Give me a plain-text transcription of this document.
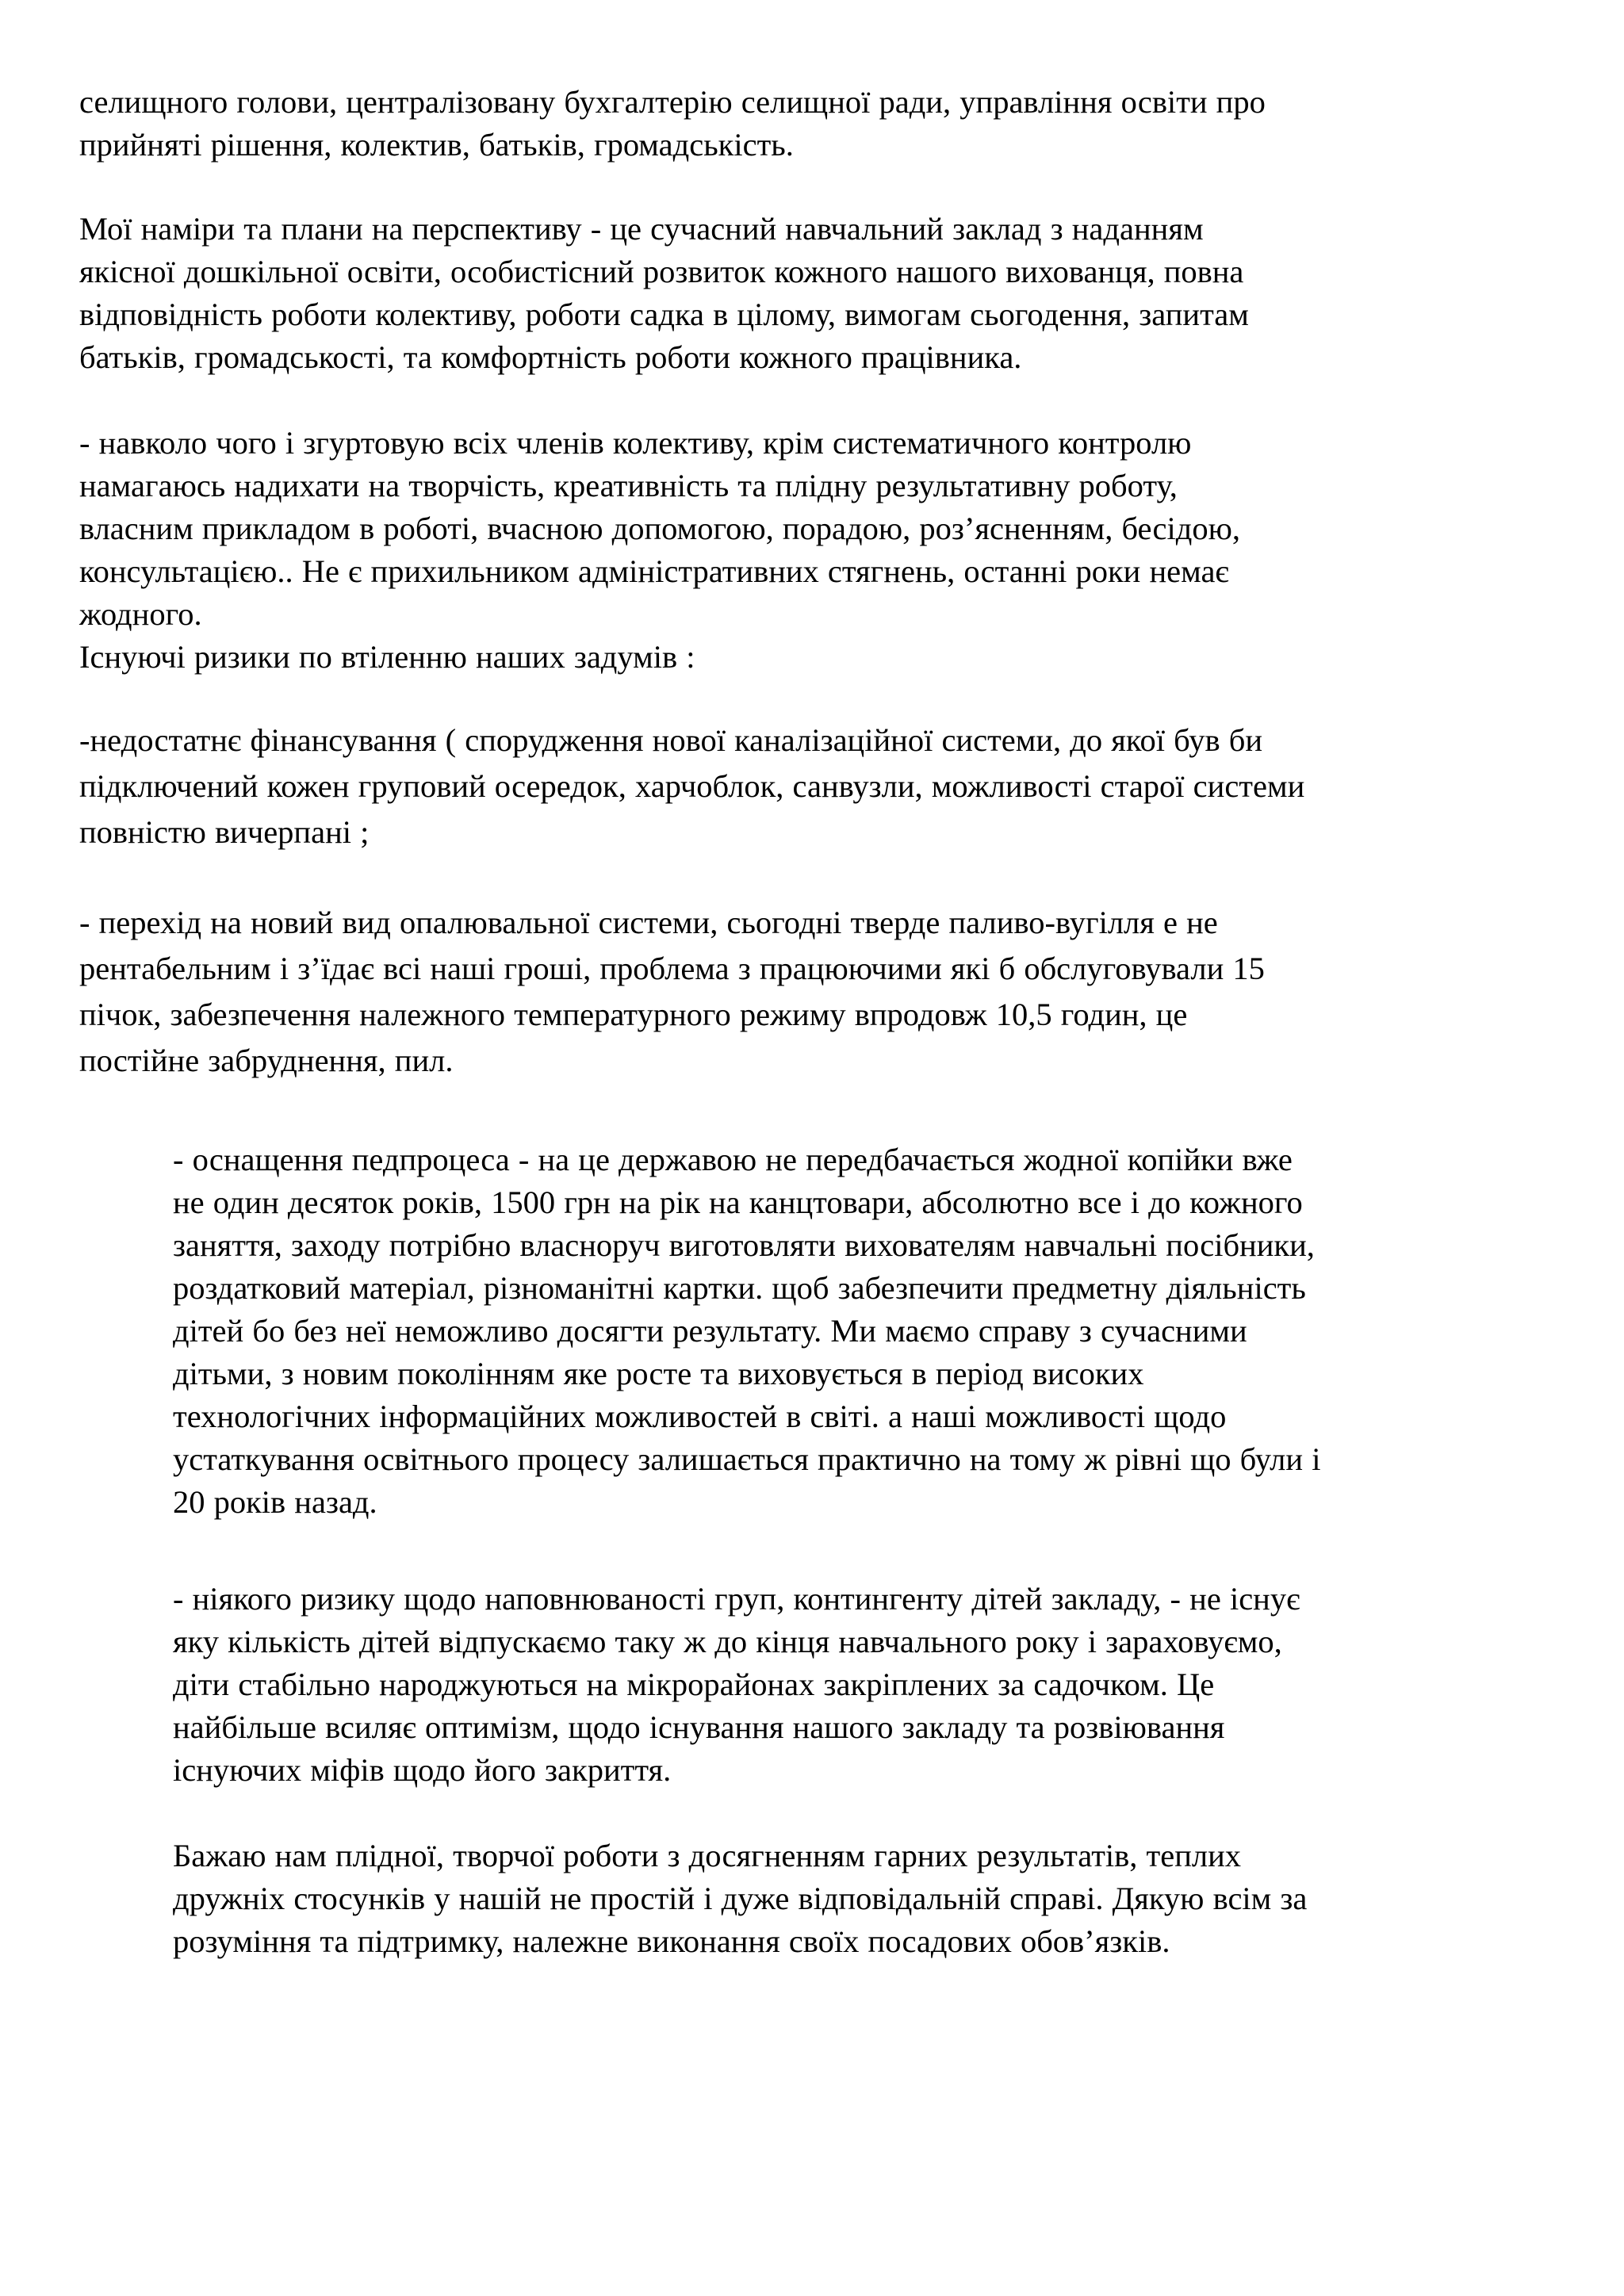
селищного голови, централізовану бухгалтерію селищної ради, управління освіти про
прийняті рішення, колектив, батьків, громадськість.

Мої наміри та плани на перспективу - це сучасний навчальний заклад з наданням
якісної дошкільної освіти, особистісний розвиток кожного нашого вихованця, повна
відповідність роботи колективу, роботи садка в цілому, вимогам сьогодення, запитам
батьків, громадськості, та комфортність роботи кожного працівника.

- навколо чого і згуртовую всіх членів колективу, крім систематичного контролю
намагаюсь надихати на творчість, креативність та плідну результативну роботу,
власним прикладом в роботі, вчасною допомогою, порадою, роз’ясненням, бесідою,
консультацією.. Не є прихильником адміністративних стягнень, останні роки немає
жодного.
Існуючі ризики по втіленню наших задумів :

-недостатнє фінансування ( спорудження нової каналізаційної системи, до якої був би
підключений кожен груповий осередок, харчоблок, санвузли, можливості старої системи
повністю вичерпані ;

- перехід на новий вид опалювальної системи, сьогодні тверде паливо-вугілля е не
рентабельним і з’їдає всі наші гроші, проблема з працюючими які б обслуговували 15
пічок, забезпечення належного температурного режиму впродовж 10,5 годин, це
постійне забруднення, пил.

- оснащення педпроцеса - на це державою не передбачається жодної копійки вже
не один десяток років, 1500 грн на рік на канцтовари, абсолютно все і до кожного
заняття, заходу потрібно власноруч виготовляти вихователям навчальні посібники,
роздатковий матеріал, різноманітні картки. щоб забезпечити предметну діяльність
дітей бо без неї неможливо досягти результату. Ми маємо справу з сучасними
дітьми, з новим поколінням яке росте та виховується в період високих
технологічних інформаційних можливостей в світі. а наші можливості щодо
устаткування освітнього процесу залишається практично на тому ж рівні що були і
20 років назад.

- ніякого ризику щодо наповнюваності груп, контингенту дітей закладу, - не існує
яку кількість дітей відпускаємо таку ж до кінця навчального року і зараховуємо,
діти стабільно народжуються на мікрорайонах закріплених за садочком. Це
найбільше всиляє оптимізм, щодо існування нашого закладу та розвіювання
існуючих міфів щодо його закриття.

Бажаю нам плідної, творчої роботи з досягненням гарних результатів, теплих
дружніх стосунків у нашій не простій і дуже відповідальній справі. Дякую всім за
розуміння та підтримку, належне виконання своїх посадових обов’язків.
